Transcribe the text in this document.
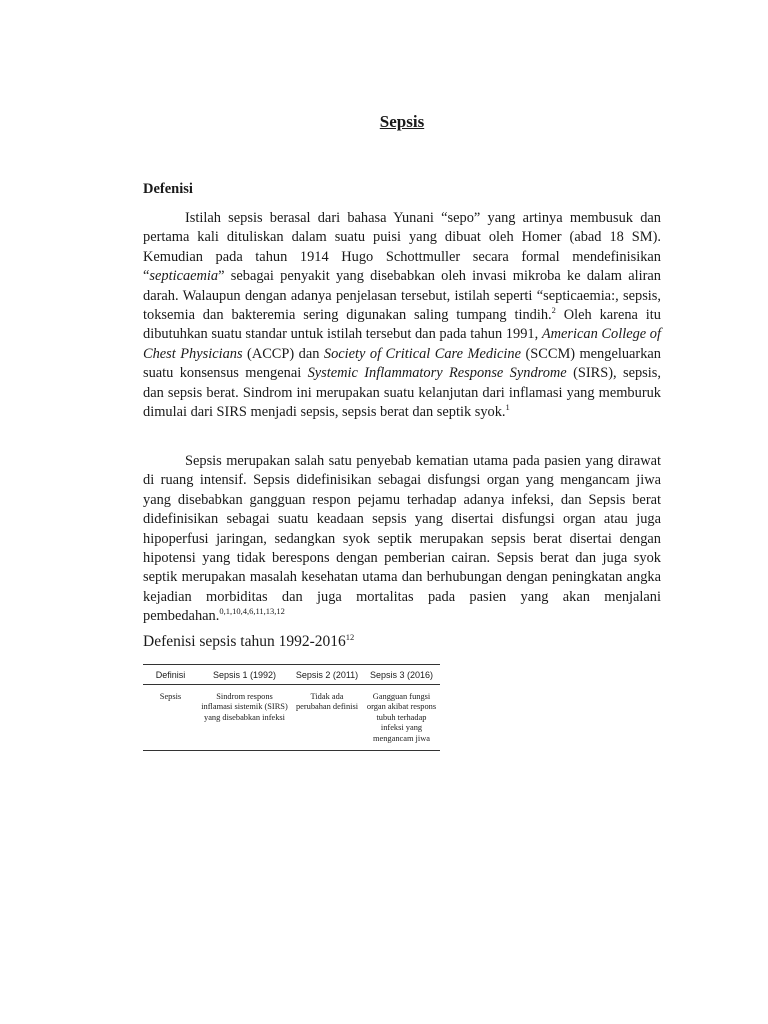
Sepsis
Defenisi

Istilah sepsis berasal dari bahasa Yunani “sepo” yang artinya membusuk dan pertama kali dituliskan dalam suatu puisi yang dibuat oleh Homer (abad 18 SM). Kemudian pada tahun 1914 Hugo Schottmuller secara formal mendefinisikan “septicaemia” sebagai penyakit yang disebabkan oleh invasi mikroba ke dalam aliran darah. Walaupun dengan adanya penjelasan tersebut, istilah seperti “septicaemia:, sepsis, toksemia dan bakteremia sering digunakan saling tumpang tindih.$^2$ Oleh karena itu dibutuhkan suatu standar untuk istilah tersebut dan pada tahun 1991, American College of Chest Physicians (ACCP) dan Society of Critical Care Medicine (SCCM) mengeluarkan suatu konsensus mengenai Systemic Inflammatory Response Syndrome (SIRS), sepsis, dan sepsis berat. Sindrom ini merupakan suatu kelanjutan dari inflamasi yang memburuk dimulai dari SIRS menjadi sepsis, sepsis berat dan septik syok.$^1$

Sepsis merupakan salah satu penyebab kematian utama pada pasien yang dirawat di ruang intensif. Sepsis didefinisikan sebagai disfungsi organ yang mengancam jiwa yang disebabkan gangguan respon pejamu terhadap adanya infeksi, dan Sepsis berat didefinisikan sebagai suatu keadaan sepsis yang disertai disfungsi organ atau juga hipoperfusi jaringan, sedangkan syok septik merupakan sepsis berat disertai dengan hipotensi yang tidak berespons dengan pemberian cairan. Sepsis berat dan juga syok septik merupakan masalah kesehatan utama dan berhubungan dengan peningkatan angka kejadian morbiditas dan juga mortalitas pada pasien yang akan menjalani pembedahan.$^{0,1,10,4,6,11,13,12}$

Defenisi sepsis tahun 1992-2016$^{12}$
Definisi	Sepsis 1 (1992)	Sepsis 2 (2011)	Sepsis 3 (2016)
Sepsis	Sindrom respons inflamasi sistemik (SIRS) yang disebabkan infeksi	Tidak ada perubahan definisi	Gangguan fungsi organ akibat respons tubuh terhadap infeksi yang mengancam jiwa
